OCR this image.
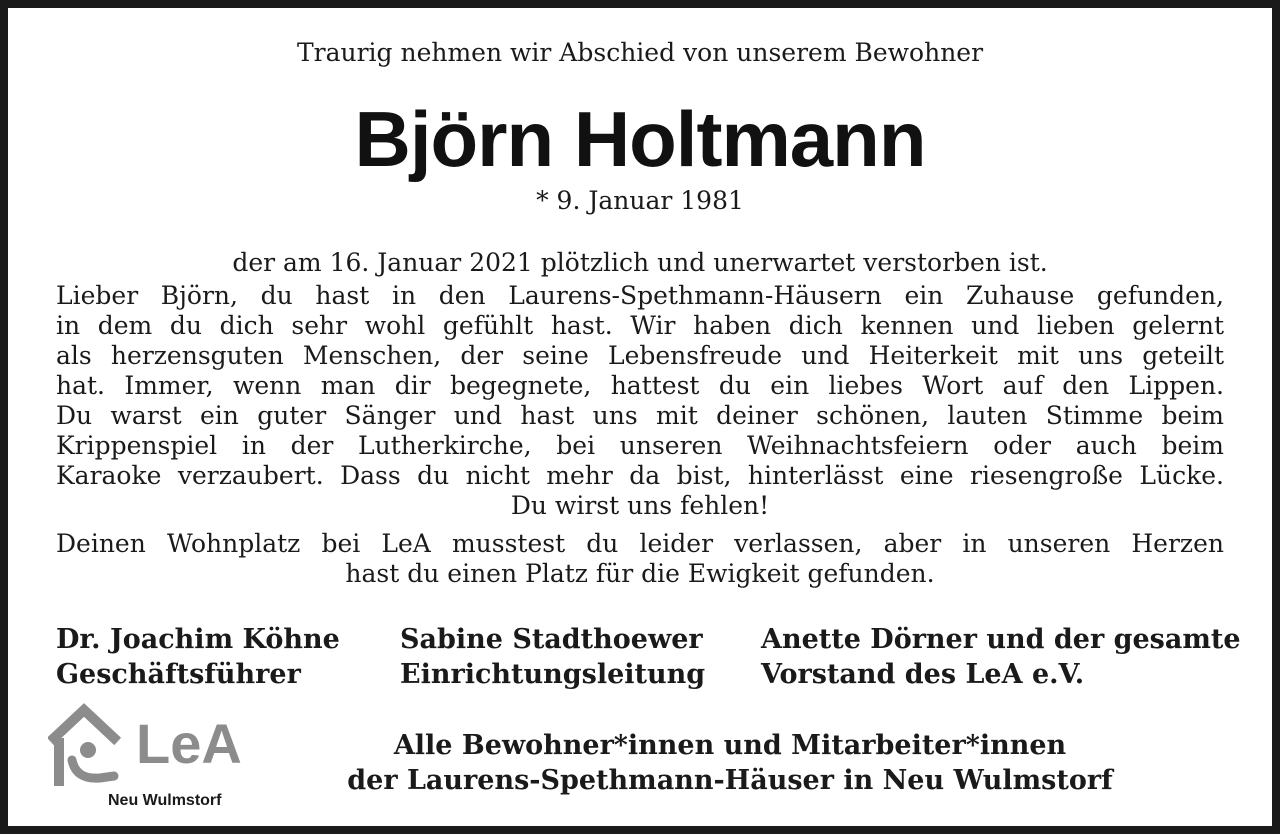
Traurig nehmen wir Abschied von unserem Bewohner
Björn Holtmann
* 9. Januar 1981
der am 16. Januar 2021 plötzlich und unerwartet verstorben ist.
Lieber Björn, du hast in den Laurens-Spethmann-Häusern ein Zuhause gefunden,
in dem du dich sehr wohl gefühlt hast. Wir haben dich kennen und lieben gelernt
als herzensguten Menschen, der seine Lebensfreude und Heiterkeit mit uns geteilt
hat. Immer, wenn man dir begegnete, hattest du ein liebes Wort auf den Lippen.
Du warst ein guter Sänger und hast uns mit deiner schönen, lauten Stimme beim
Krippenspiel in der Lutherkirche, bei unseren Weihnachtsfeiern oder auch beim
Karaoke verzaubert. Dass du nicht mehr da bist, hinterlässt eine riesengroße Lücke.
Du wirst uns fehlen!
Deinen Wohnplatz bei LeA musstest du leider verlassen, aber in unseren Herzen
hast du einen Platz für die Ewigkeit gefunden.
Dr. Joachim Köhne
Geschäftsführer
Sabine Stadthoewer
Einrichtungsleitung
Anette Dörner und der gesamte
Vorstand des LeA e.V.
LeA
Neu Wulmstorf
Alle Bewohner*innen und Mitarbeiter*innen
der Laurens-Spethmann-Häuser in Neu Wulmstorf
